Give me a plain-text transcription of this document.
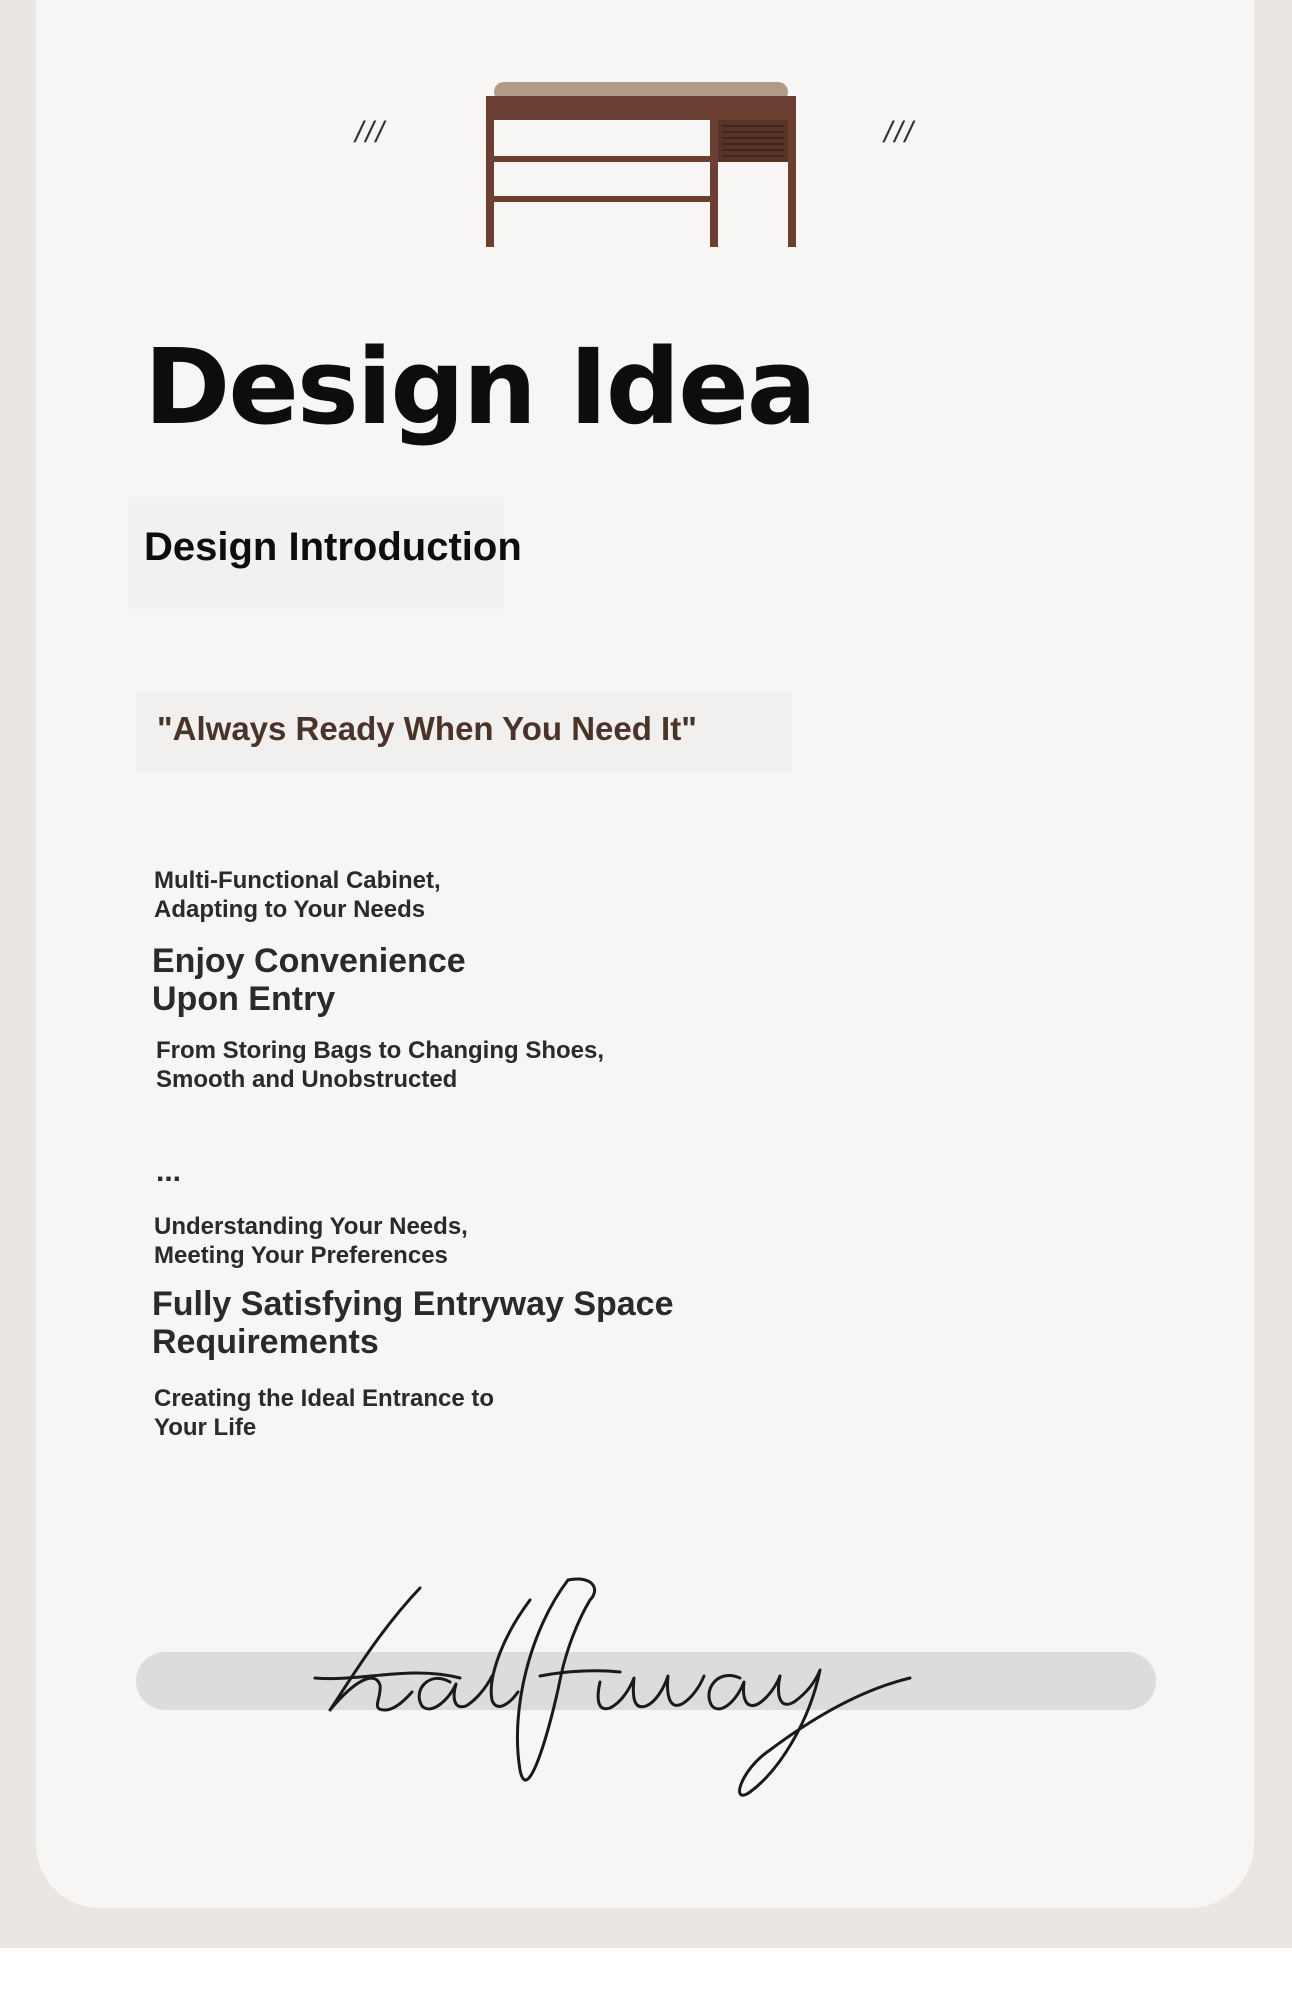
///	///
Design Idea
Design Introduction
"Always Ready When You Need It"
Multi-Functional Cabinet,
Adapting to Your Needs
Enjoy Convenience
Upon Entry
From Storing Bags to Changing Shoes,
Smooth and Unobstructed
...
Understanding Your Needs,
Meeting Your Preferences
Fully Satisfying Entryway Space
Requirements
Creating the Ideal Entrance to
Your Life
